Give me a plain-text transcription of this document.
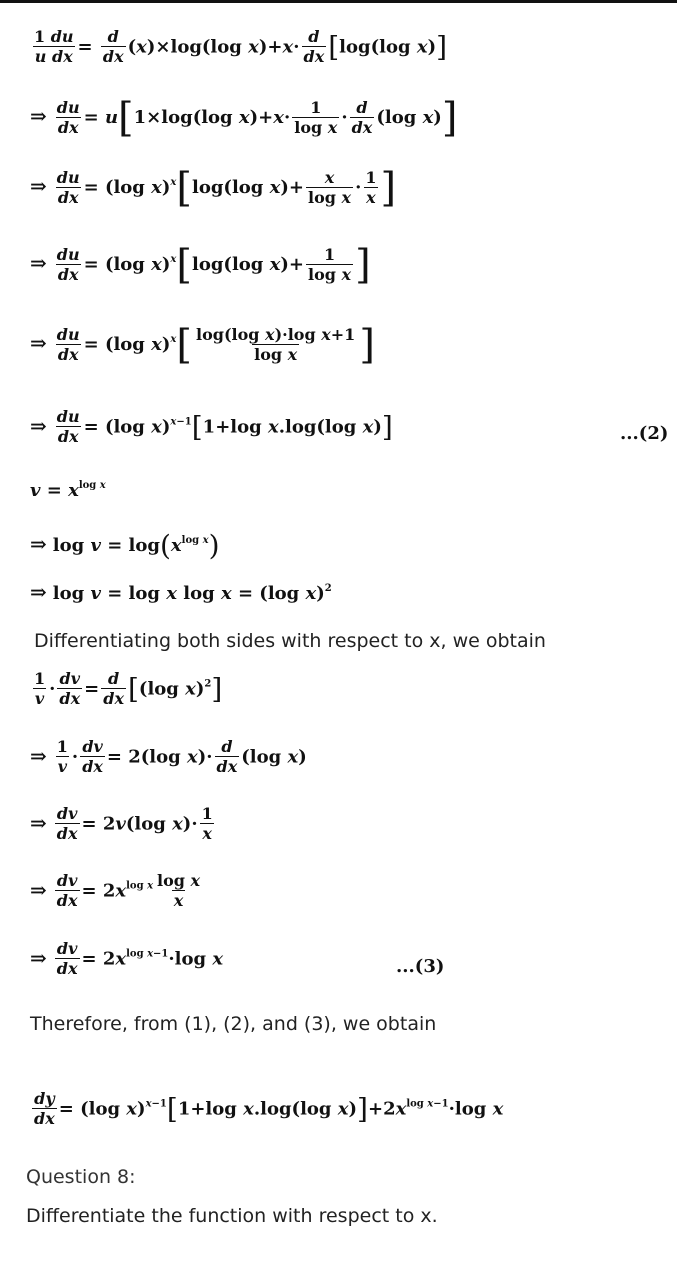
$\frac{1 du}{\text{u dx}} = \frac{d}{dx} (x)\times\log(\log$ $x)+x\cdot \frac{d}{dx} [\log(\log$ x)]
⇒ $\frac{du}{dx} = u[1\times\log(\log$ $x)+x\cdot \frac{1}{\text{log x}} \cdot \frac{d}{dx} (\log$ x)]
⇒ $\frac{du}{dx} = (\log$ x)$^x$[log(log $x)+ \frac{x}{\text{log x}} \cdot \frac{1}{x}$ ]
⇒ $\frac{du}{dx} = (\log$ x)$^x$[log(log $x)+ \frac{1}{\text{log x}}$ ]
⇒ $\frac{du}{dx} = (\log$ $x)^x[ \frac{\text{log(log x)·log x+1}}{\text{log x}}$ ]
⇒ $\frac{du}{dx} = (\log$ x)$^{x-1}$[1+log x.log(log x)]	...(2)
$v = x^{log x}$
⇒ $\log v = \log(x^{log x})$
⇒ log v = log x log x = (log x)$^2$
Differentiating both sides with respect to x, we obtain
$\frac{1}{v} \cdot \frac{dv}{dx} = \frac{d}{dx} [(\log$ x)$^2$]
⇒ $\frac{1}{v} \cdot \frac{dv}{dx} = 2(\log$ $x)\cdot \frac{d}{dx} (\log$ x)
⇒ $\frac{dv}{dx} = 2v(\log$ $x)\cdot \frac{1}{x}$
⇒ $\frac{dv}{dx} = 2x^{log x} \frac{\text{log x}}{x}$
⇒ $\frac{dv}{dx} = 2x^{log x-1}\cdot\log$ x	...(3)
Therefore, from (1), (2), and (3), we obtain
$\frac{dy}{dx} = (\log$ x)$^{x-1}$[1+log x.log(log $x)]+2x^{log x-1}\cdot\log$ x
Question 8:
Differentiate the function with respect to x.
